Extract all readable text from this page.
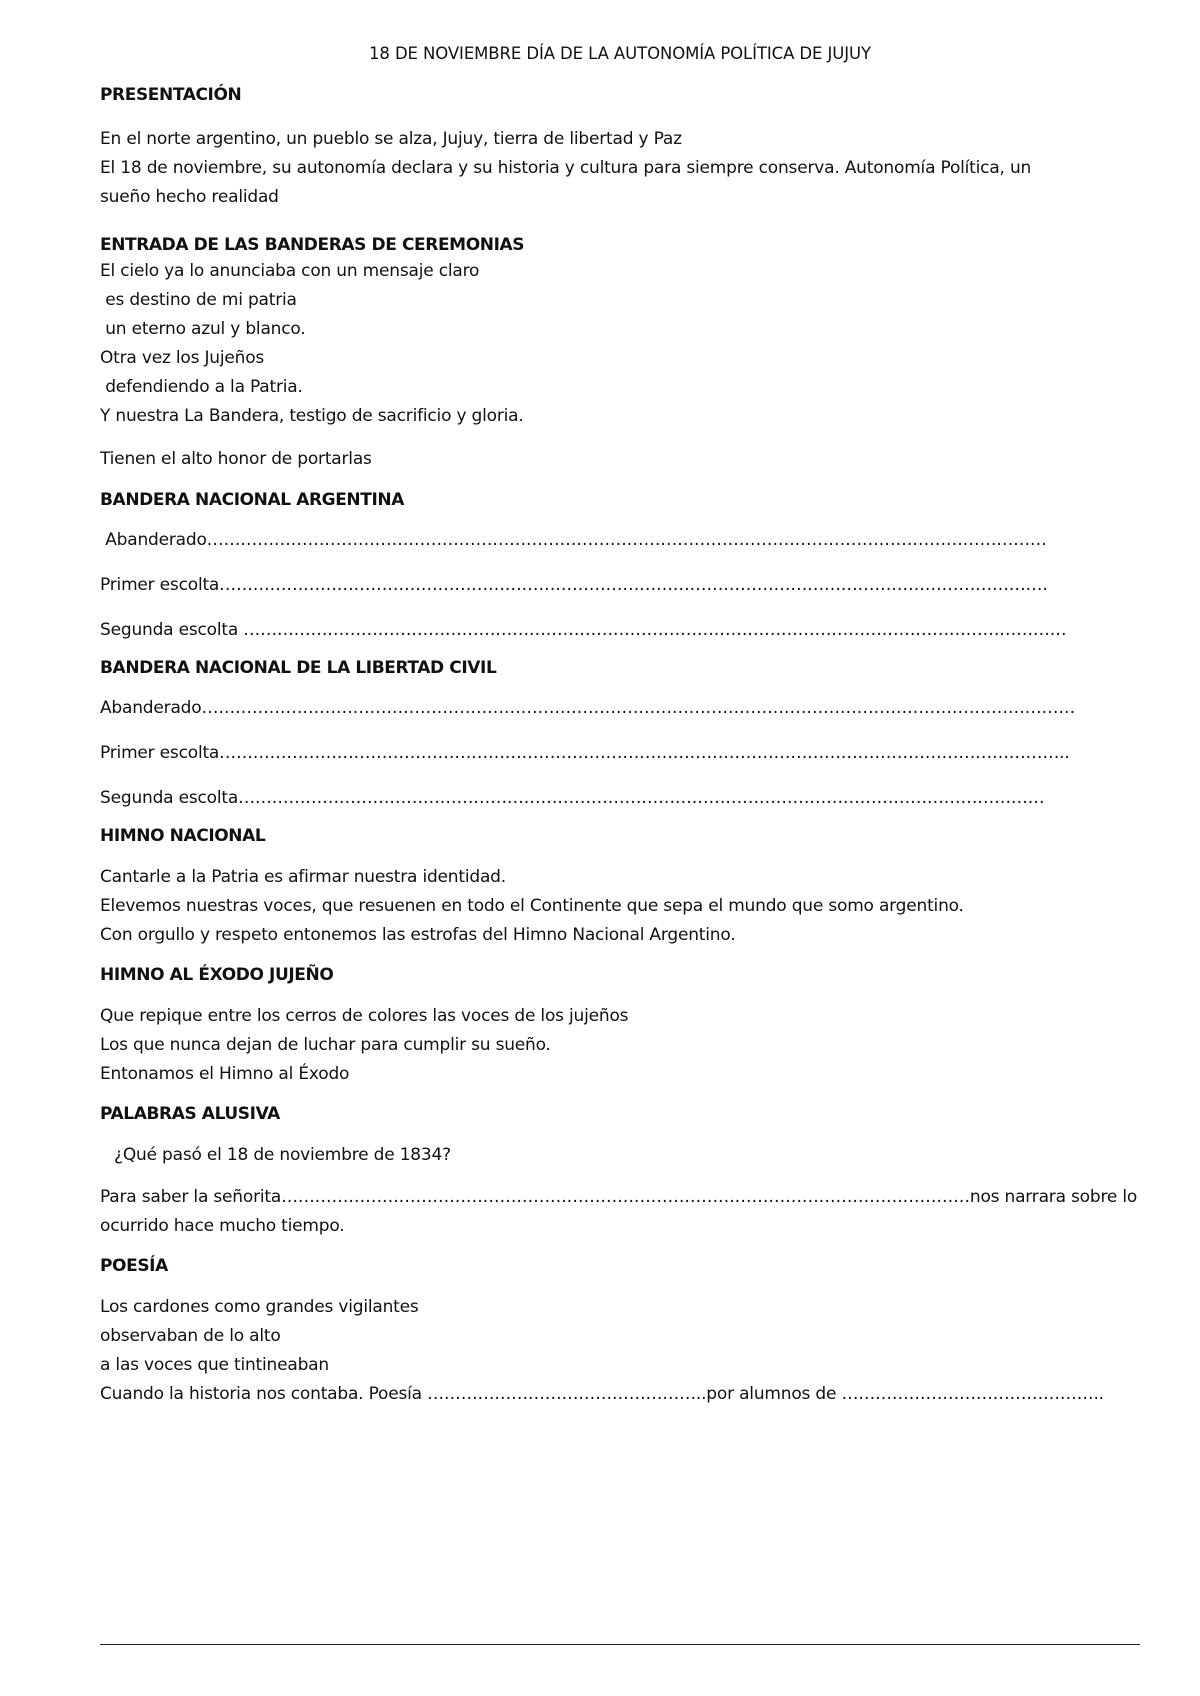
18 DE NOVIEMBRE DÍA DE LA AUTONOMÍA POLÍTICA DE JUJUY

PRESENTACIÓN

En el norte argentino, un pueblo se alza, Jujuy, tierra de libertad y Paz

El 18 de noviembre, su autonomía declara y su historia y cultura para siempre conserva. Autonomía Política, un

sueño hecho realidad

ENTRADA DE LAS BANDERAS DE CEREMONIAS

El cielo ya lo anunciaba con un mensaje claro

es destino de mi patria

un eterno azul y blanco.

Otra vez los Jujeños

defendiendo a la Patria.

Y nuestra La Bandera, testigo de sacrificio y gloria.

Tienen el alto honor de portarlas

BANDERA NACIONAL ARGENTINA

Abanderado……………………………………………………………………………………………………………………………………

Primer escolta………………………………………………………………………………………………………………………………….

Segunda escolta …………………………………………………………………………………………………………………………………

BANDERA NACIONAL DE LA LIBERTAD CIVIL

Abanderado…………………………………………………………………………………………………………………………………………

Primer escolta……………………………………………………………………………………………………………………………………..

Segunda escolta………………………………………………………………………………………………………………………………

HIMNO NACIONAL

Cantarle a la Patria es afirmar nuestra identidad.

Elevemos nuestras voces, que resuenen en todo el Continente que sepa el mundo que somo argentino.

Con orgullo y respeto entonemos las estrofas del Himno Nacional Argentino.

HIMNO AL ÉXODO JUJEÑO

Que repique entre los cerros de colores las voces de los jujeños

Los que nunca dejan de luchar para cumplir su sueño.

Entonamos el Himno al Éxodo

PALABRAS ALUSIVA

¿Qué pasó el 18 de noviembre de 1834?

Para saber la señorita……………………………………………………………………………………………………………nos narrara sobre lo

ocurrido hace mucho tiempo.

POESÍA

Los cardones como grandes vigilantes

observaban de lo alto

a las voces que tintineaban

Cuando la historia nos contaba. Poesía …………………………………………..por alumnos de ………………………………………..
